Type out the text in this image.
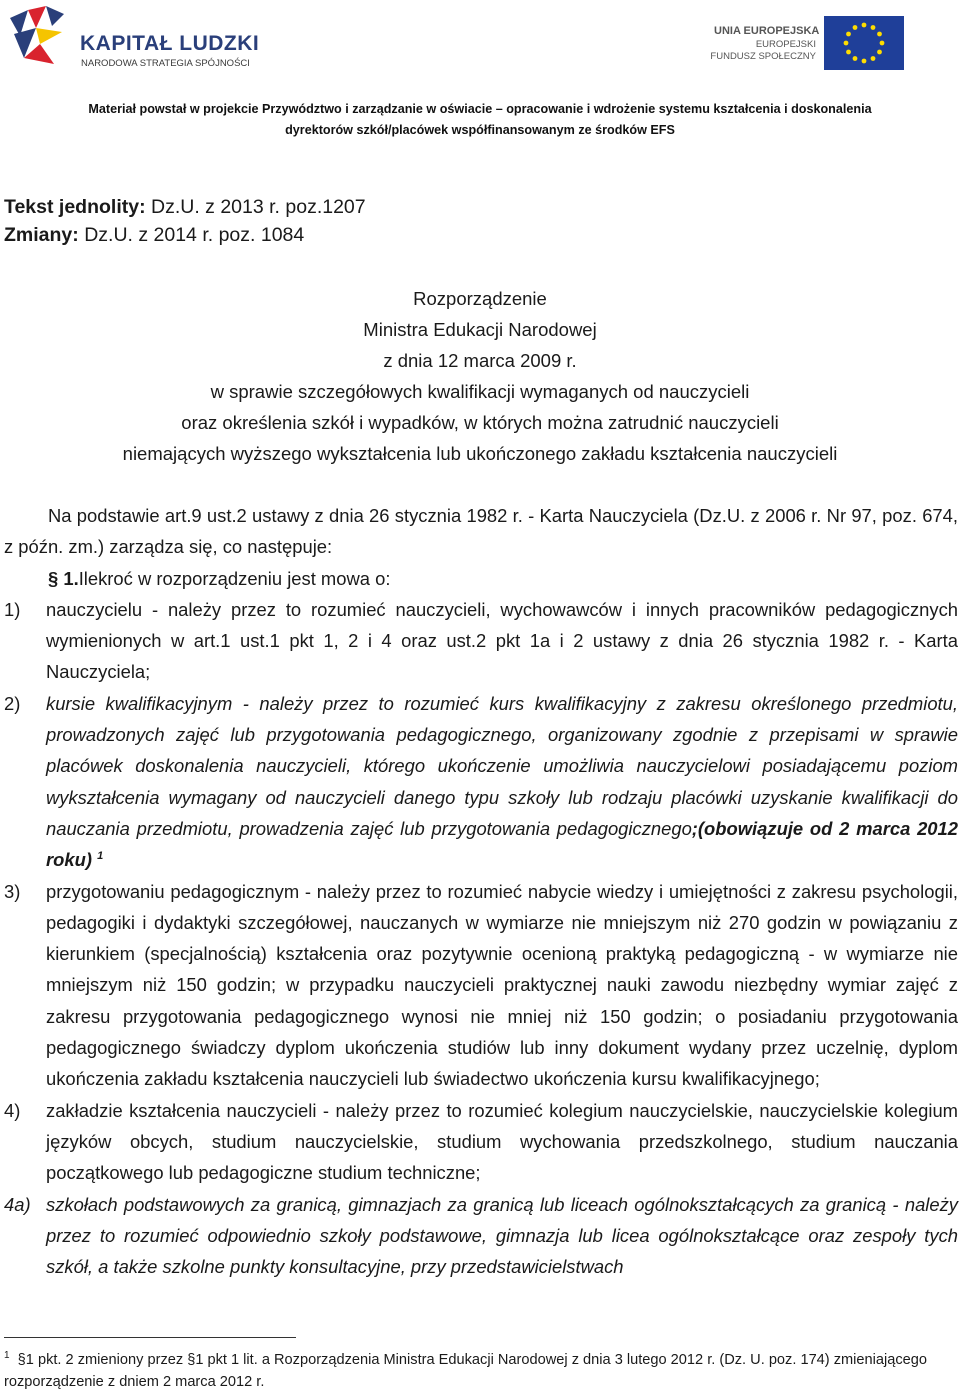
KAPITAŁ LUDZKI
NARODOWA STRATEGIA SPÓJNOŚCI
UNIA EUROPEJSKA
EUROPEJSKI
FUNDUSZ SPOŁECZNY
Materiał powstał w projekcie Przywództwo i zarządzanie w oświacie – opracowanie i wdrożenie systemu kształcenia i doskonalenia
dyrektorów szkół/placówek współfinansowanym ze środków EFS
Tekst jednolity: Dz.U. z 2013 r. poz.1207
Zmiany: Dz.U. z 2014 r. poz. 1084
Rozporządzenie
Ministra Edukacji Narodowej
z dnia 12 marca 2009 r.
w sprawie szczegółowych kwalifikacji wymaganych od nauczycieli
oraz określenia szkół i wypadków, w których można zatrudnić nauczycieli
niemających wyższego wykształcenia lub ukończonego zakładu kształcenia nauczycieli
Na podstawie art.9 ust.2 ustawy z dnia 26 stycznia 1982 r. - Karta Nauczyciela (Dz.U. z 2006 r. Nr 97, poz. 674, z późn. zm.) zarządza się, co następuje:
§ 1.Ilekroć w rozporządzeniu jest mowa o:
1)	nauczycielu - należy przez to rozumieć nauczycieli, wychowawców i innych pracowników pedagogicznych wymienionych w art.1 ust.1 pkt 1, 2 i 4 oraz ust.2 pkt 1a i 2 ustawy z dnia 26 stycznia 1982 r. - Karta Nauczyciela;
2)	kursie kwalifikacyjnym - należy przez to rozumieć kurs kwalifikacyjny z zakresu określonego przedmiotu, prowadzonych zajęć lub przygotowania pedagogicznego, organizowany zgodnie z przepisami w sprawie placówek doskonalenia nauczycieli, którego ukończenie umożliwia nauczycielowi posiadającemu poziom wykształcenia wymagany od nauczycieli danego typu szkoły lub rodzaju placówki uzyskanie kwalifikacji do nauczania przedmiotu, prowadzenia zajęć lub przygotowania pedagogicznego;(obowiązuje od 2 marca 2012 roku) $^1$
3)	przygotowaniu pedagogicznym - należy przez to rozumieć nabycie wiedzy i umiejętności z zakresu psychologii, pedagogiki i dydaktyki szczegółowej, nauczanych w wymiarze nie mniejszym niż 270 godzin w powiązaniu z kierunkiem (specjalnością) kształcenia oraz pozytywnie ocenioną praktyką pedagogiczną - w wymiarze nie mniejszym niż 150 godzin; w przypadku nauczycieli praktycznej nauki zawodu niezbędny wymiar zajęć z zakresu przygotowania pedagogicznego wynosi nie mniej niż 150 godzin; o posiadaniu przygotowania pedagogicznego świadczy dyplom ukończenia studiów lub inny dokument wydany przez uczelnię, dyplom ukończenia zakładu kształcenia nauczycieli lub świadectwo ukończenia kursu kwalifikacyjnego;
4)	zakładzie kształcenia nauczycieli - należy przez to rozumieć kolegium nauczycielskie, nauczycielskie kolegium języków obcych, studium nauczycielskie, studium wychowania przedszkolnego, studium nauczania początkowego lub pedagogiczne studium techniczne;
4a) szkołach podstawowych za granicą, gimnazjach za granicą lub liceach ogólnokształcących za granicą - należy przez to rozumieć odpowiednio szkoły podstawowe, gimnazja lub licea ogólnokształcące oraz zespoły tych szkół, a także szkolne punkty konsultacyjne, przy przedstawicielstwach
$^1$ §1 pkt. 2 zmieniony przez §1 pkt 1 lit. a Rozporządzenia Ministra Edukacji Narodowej z dnia 3 lutego 2012 r. (Dz. U. poz. 174) zmieniającego rozporządzenie z dniem 2 marca 2012 r.
